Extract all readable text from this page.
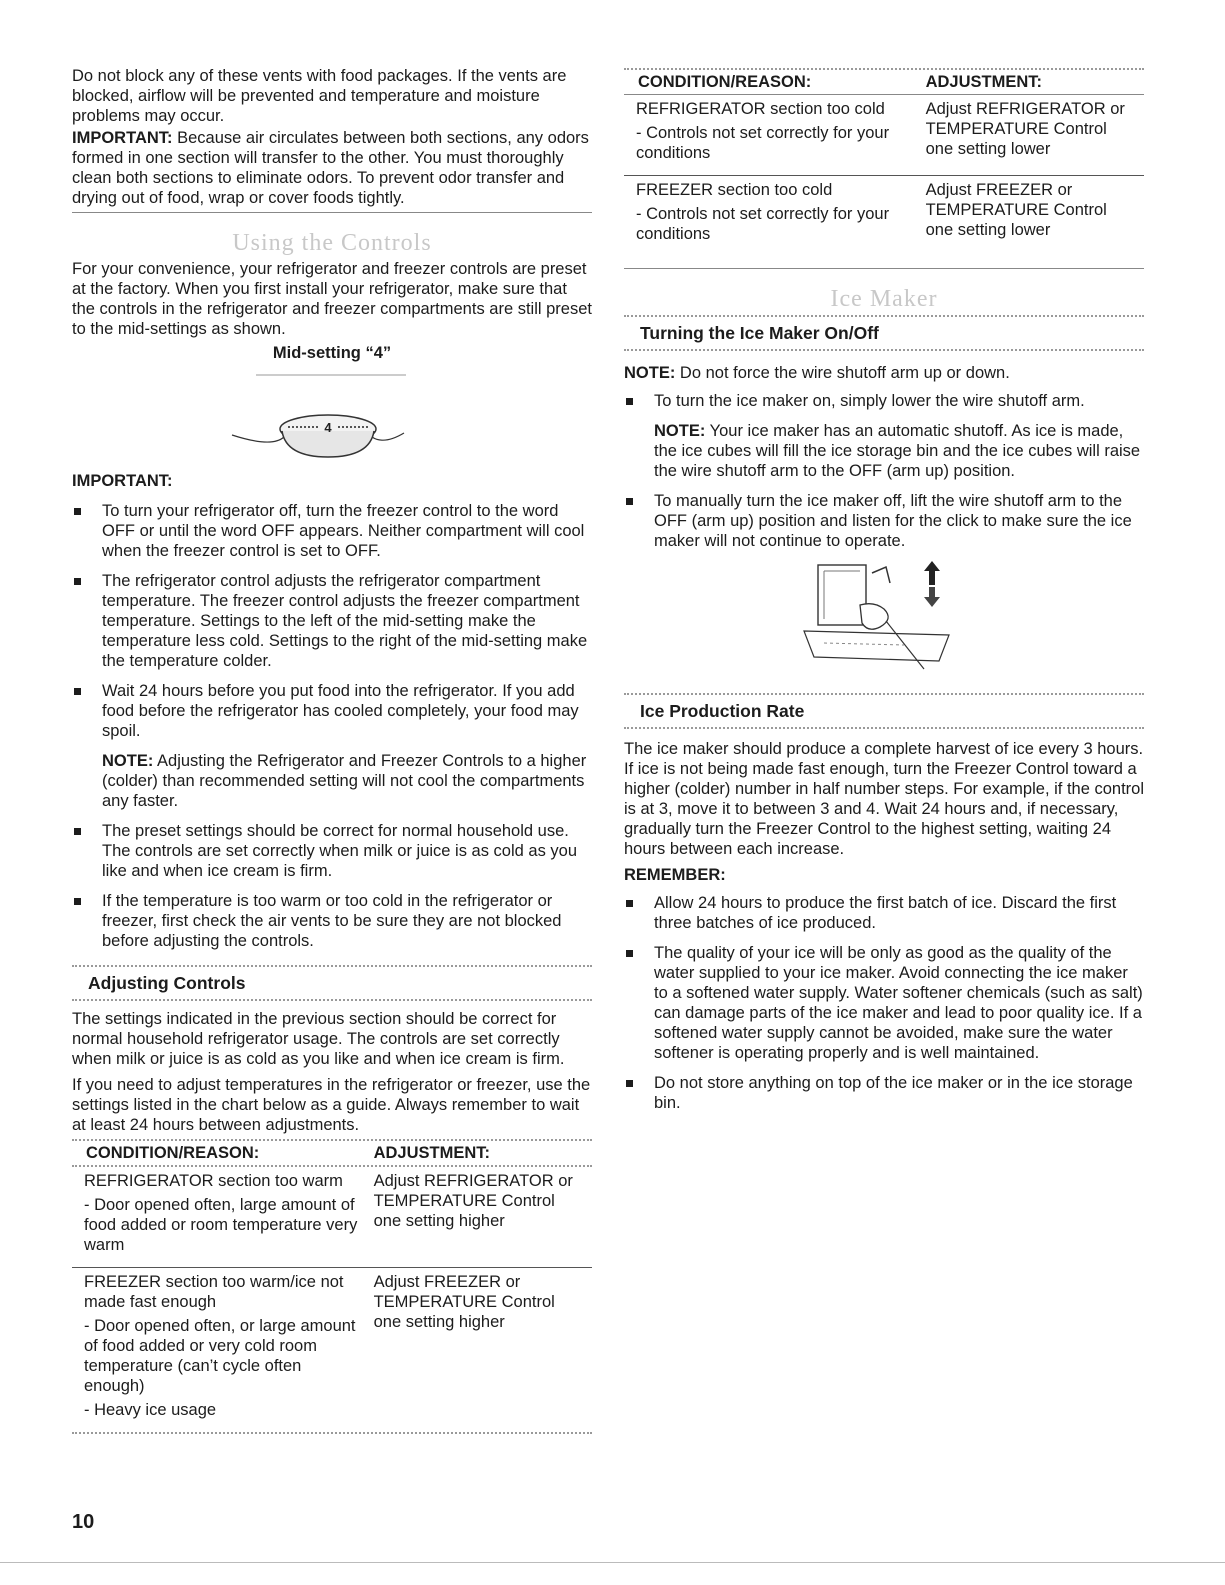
Do not block any of these vents with food packages. If the vents are blocked, airflow will be prevented and temperature and moisture problems may occur.

IMPORTANT: Because air circulates between both sections, any odors formed in one section will transfer to the other. You must thoroughly clean both sections to eliminate odors. To prevent odor transfer and drying out of food, wrap or cover foods tightly.

Using the Controls

For your convenience, your refrigerator and freezer controls are preset at the factory. When you first install your refrigerator, make sure that the controls in the refrigerator and freezer compartments are still preset to the mid-settings as shown.

Mid-setting “4”

4

IMPORTANT:

To turn your refrigerator off, turn the freezer control to the word OFF or until the word OFF appears. Neither compartment will cool when the freezer control is set to OFF.
The refrigerator control adjusts the refrigerator compartment temperature. The freezer control adjusts the freezer compartment temperature. Settings to the left of the mid-setting make the temperature less cold. Settings to the right of the mid-setting make the temperature colder.
Wait 24 hours before you put food into the refrigerator. If you add food before the refrigerator has cooled completely, your food may spoil.

NOTE: Adjusting the Refrigerator and Freezer Controls to a higher (colder) than recommended setting will not cool the compartments any faster.

The preset settings should be correct for normal household use. The controls are set correctly when milk or juice is as cold as you like and when ice cream is firm.
If the temperature is too warm or too cold in the refrigerator or freezer, first check the air vents to be sure they are not blocked before adjusting the controls.
Adjusting Controls

The settings indicated in the previous section should be correct for normal household refrigerator usage. The controls are set correctly when milk or juice is as cold as you like and when ice cream is firm.

If you need to adjust temperatures in the refrigerator or freezer, use the settings listed in the chart below as a guide. Always remember to wait at least 24 hours between adjustments.

CONDITION/REASON:	ADJUSTMENT:

REFRIGERATOR section too warm

- Door opened often, large amount of food added or room temperature very warm	Adjust REFRIGERATOR or TEMPERATURE Control one setting higher

FREEZER section too warm/ice not made fast enough

- Door opened often, or large amount of food added or very cold room temperature (can’t cycle often enough)

- Heavy ice usage	Adjust FREEZER or TEMPERATURE Control one setting higher
CONDITION/REASON:	ADJUSTMENT:

REFRIGERATOR section too cold

- Controls not set correctly for your conditions	Adjust REFRIGERATOR or TEMPERATURE Control one setting lower

FREEZER section too cold

- Controls not set correctly for your conditions	Adjust FREEZER or TEMPERATURE Control one setting lower
Ice Maker
Turning the Ice Maker On/Off

NOTE: Do not force the wire shutoff arm up or down.

To turn the ice maker on, simply lower the wire shutoff arm.

NOTE: Your ice maker has an automatic shutoff. As ice is made, the ice cubes will fill the ice storage bin and the ice cubes will raise the wire shutoff arm to the OFF (arm up) position.

To manually turn the ice maker off, lift the wire shutoff arm to the OFF (arm up) position and listen for the click to make sure the ice maker will not continue to operate.
Ice Production Rate

The ice maker should produce a complete harvest of ice every 3 hours. If ice is not being made fast enough, turn the Freezer Control toward a higher (colder) number in half number steps. For example, if the control is at 3, move it to between 3 and 4. Wait 24 hours and, if necessary, gradually turn the Freezer Control to the highest setting, waiting 24 hours between each increase.

REMEMBER:

Allow 24 hours to produce the first batch of ice. Discard the first three batches of ice produced.
The quality of your ice will be only as good as the quality of the water supplied to your ice maker. Avoid connecting the ice maker to a softened water supply. Water softener chemicals (such as salt) can damage parts of the ice maker and lead to poor quality ice. If a softened water supply cannot be avoided, make sure the water softener is operating properly and is well maintained.
Do not store anything on top of the ice maker or in the ice storage bin.
10
